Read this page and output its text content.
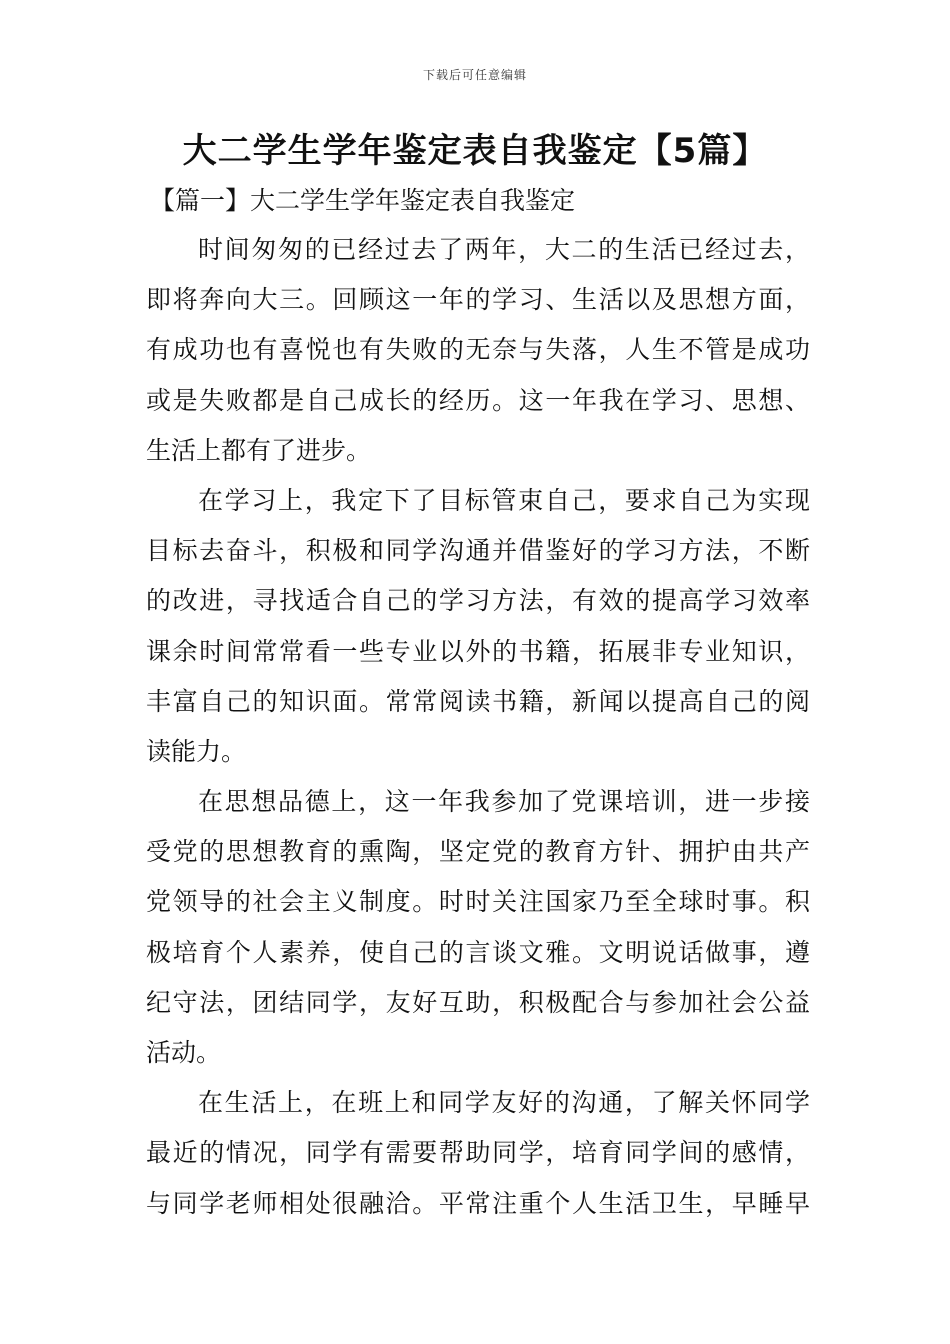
下载后可任意编辑
大二学生学年鉴定表自我鉴定【5篇】
【篇一】大二学生学年鉴定表自我鉴定
时间匆匆的已经过去了两年，大二的生活已经过去，
即将奔向大三。回顾这一年的学习、生活以及思想方面，
有成功也有喜悦也有失败的无奈与失落，人生不管是成功
或是失败都是自己成长的经历。这一年我在学习、思想、
生活上都有了进步。
在学习上，我定下了目标管束自己，要求自己为实现
目标去奋斗，积极和同学沟通并借鉴好的学习方法，不断
的改进，寻找适合自己的学习方法，有效的提高学习效率
课余时间常常看一些专业以外的书籍，拓展非专业知识，
丰富自己的知识面。常常阅读书籍，新闻以提高自己的阅
读能力。
在思想品德上，这一年我参加了党课培训，进一步接
受党的思想教育的熏陶，坚定党的教育方针、拥护由共产
党领导的社会主义制度。时时关注国家乃至全球时事。积
极培育个人素养，使自己的言谈文雅。文明说话做事，遵
纪守法，团结同学，友好互助，积极配合与参加社会公益
活动。
在生活上，在班上和同学友好的沟通，了解关怀同学
最近的情况，同学有需要帮助同学，培育同学间的感情，
与同学老师相处很融洽。平常注重个人生活卫生，早睡早
